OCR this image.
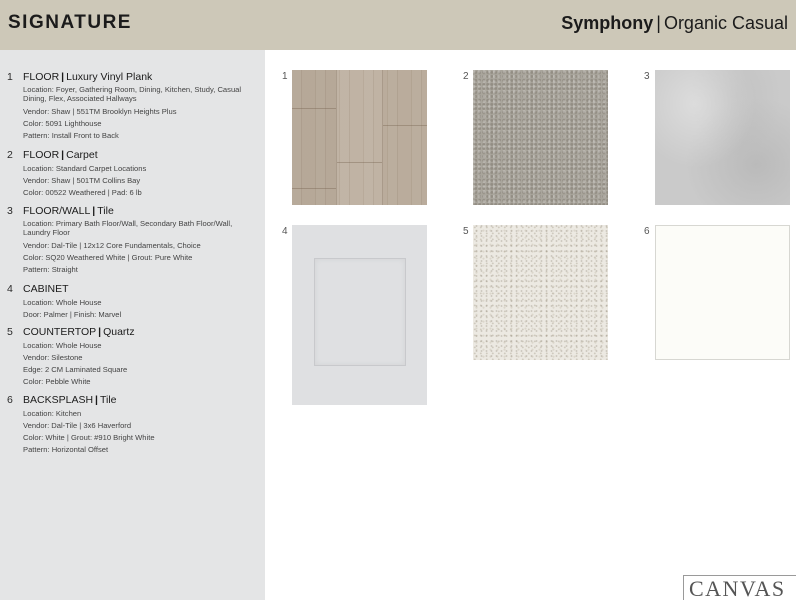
SIGNATURE	Symphony | Organic Casual
1 FLOOR | Luxury Vinyl Plank
Location: Foyer, Gathering Room, Dining, Kitchen, Study, Casual Dining, Flex, Associated Hallways
Vendor: Shaw | 551TM Brooklyn Heights Plus
Color: 5091 Lighthouse
Pattern: Install Front to Back
2 FLOOR | Carpet
Location: Standard Carpet Locations
Vendor: Shaw | 501TM Collins Bay
Color: 00522 Weathered | Pad: 6 lb
3 FLOOR/WALL | Tile
Location: Primary Bath Floor/Wall, Secondary Bath Floor/Wall, Laundry Floor
Vendor: Dal-Tile | 12x12 Core Fundamentals, Choice
Color: SQ20 Weathered White | Grout: Pure White
Pattern: Straight
4 CABINET
Location: Whole House
Door: Palmer | Finish: Marvel
5 COUNTERTOP | Quartz
Location: Whole House
Vendor: Silestone
Edge: 2 CM Laminated Square
Color: Pebble White
6 BACKSPLASH | Tile
Location: Kitchen
Vendor: Dal-Tile | 3x6 Haverford
Color: White | Grout: #910 Bright White
Pattern: Horizontal Offset
1	2	3
4	5	6
CANVAS
